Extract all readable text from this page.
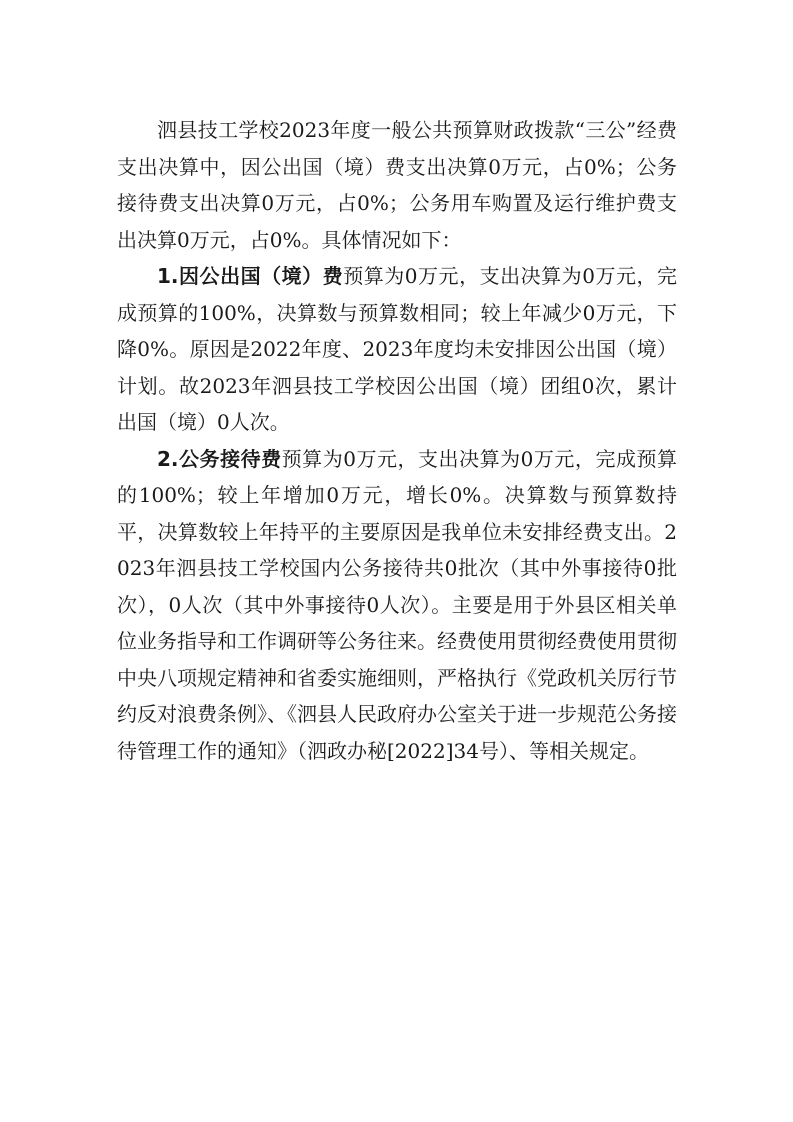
泗县技工学校2023年度一般公共预算财政拨款“三公”经费支出决算中，因公出国（境）费支出决算0万元，占0%；公务接待费支出决算0万元，占0%；公务用车购置及运行维护费支出决算0万元，占0%。具体情况如下：

1.因公出国（境）费预算为0万元，支出决算为0万元，完成预算的100%，决算数与预算数相同；较上年减少0万元，下降0%。原因是2022年度、2023年度均未安排因公出国（境）计划。故2023年泗县技工学校因公出国（境）团组0次，累计出国（境）0人次。

2.公务接待费预算为0万元，支出决算为0万元，完成预算的100%；较上年增加0万元，增长0%。决算数与预算数持平，决算数较上年持平的主要原因是我单位未安排经费支出。2023年泗县技工学校国内公务接待共0批次（其中外事接待0批次），0人次（其中外事接待0人次）。主要是用于外县区相关单位业务指导和工作调研等公务往来。经费使用贯彻经费使用贯彻中央八项规定精神和省委实施细则，严格执行《党政机关厉行节约反对浪费条例》、《泗县人民政府办公室关于进一步规范公务接待管理工作的通知》（泗政办秘[2022]34号）、等相关规定。
